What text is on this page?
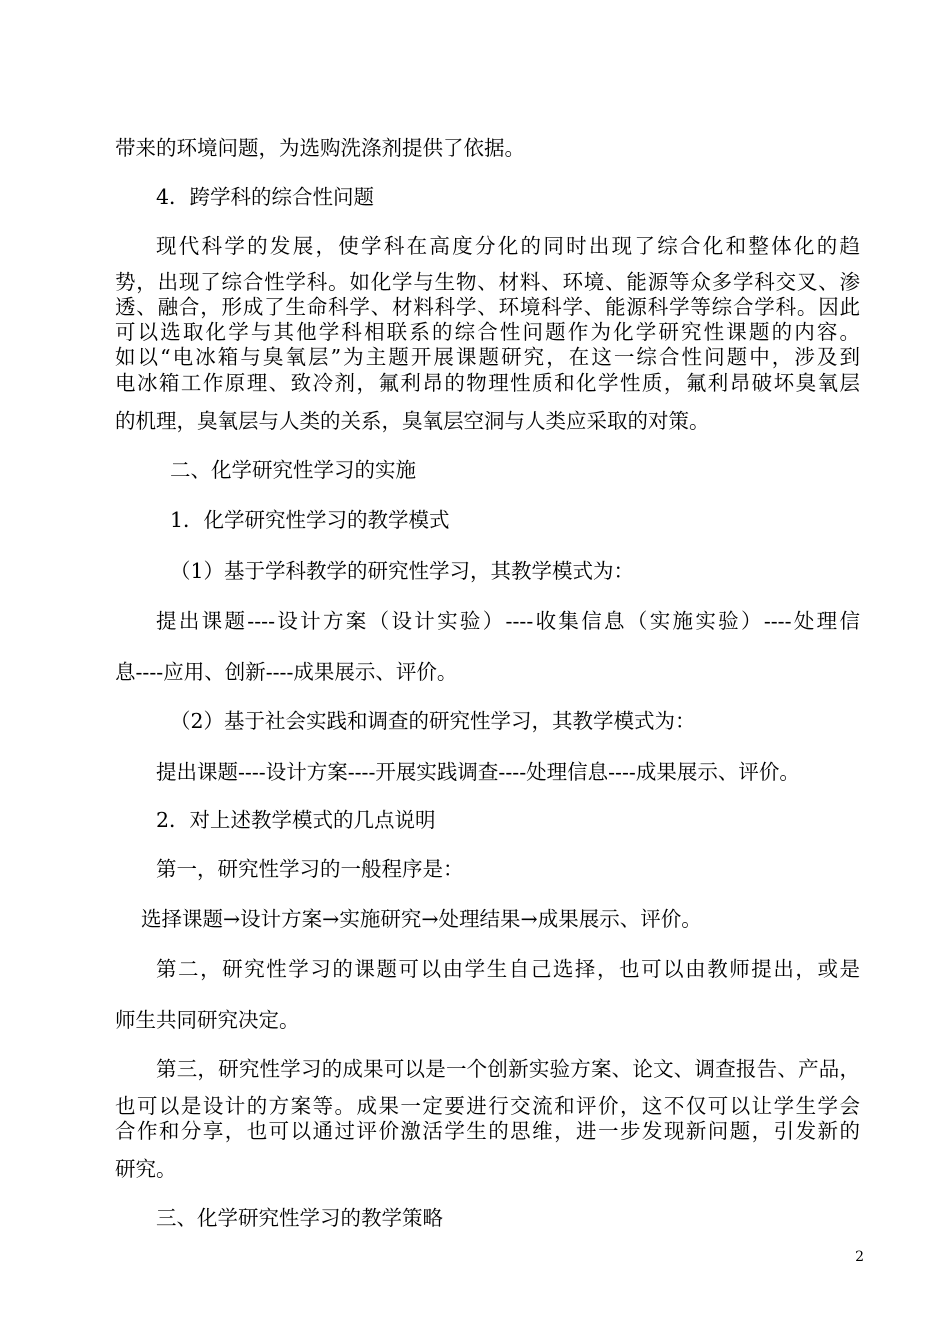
带来的环境问题，为选购洗涤剂提供了依据。
4．跨学科的综合性问题
现代科学的发展，使学科在高度分化的同时出现了综合化和整体化的趋
势，出现了综合性学科。如化学与生物、材料、环境、能源等众多学科交叉、渗
透、融合，形成了生命科学、材料科学、环境科学、能源科学等综合学科。因此
可以选取化学与其他学科相联系的综合性问题作为化学研究性课题的内容。
如以“电冰箱与臭氧层”为主题开展课题研究，在这一综合性问题中，涉及到
电冰箱工作原理、致冷剂，氟利昂的物理性质和化学性质，氟利昂破坏臭氧层
的机理，臭氧层与人类的关系，臭氧层空洞与人类应采取的对策。
二、化学研究性学习的实施
1．化学研究性学习的教学模式
（1）基于学科教学的研究性学习，其教学模式为：
提出课题----设计方案（设计实验）----收集信息（实施实验）----处理信
息----应用、创新----成果展示、评价。
（2）基于社会实践和调查的研究性学习，其教学模式为：
提出课题----设计方案----开展实践调查----处理信息----成果展示、评价。
2．对上述教学模式的几点说明
第一，研究性学习的一般程序是：
选择课题→设计方案→实施研究→处理结果→成果展示、评价。
第二，研究性学习的课题可以由学生自己选择，也可以由教师提出，或是
师生共同研究决定。
第三，研究性学习的成果可以是一个创新实验方案、论文、调查报告、产品，
也可以是设计的方案等。成果一定要进行交流和评价，这不仅可以让学生学会
合作和分享，也可以通过评价激活学生的思维，进一步发现新问题，引发新的
研究。
三、化学研究性学习的教学策略
2
